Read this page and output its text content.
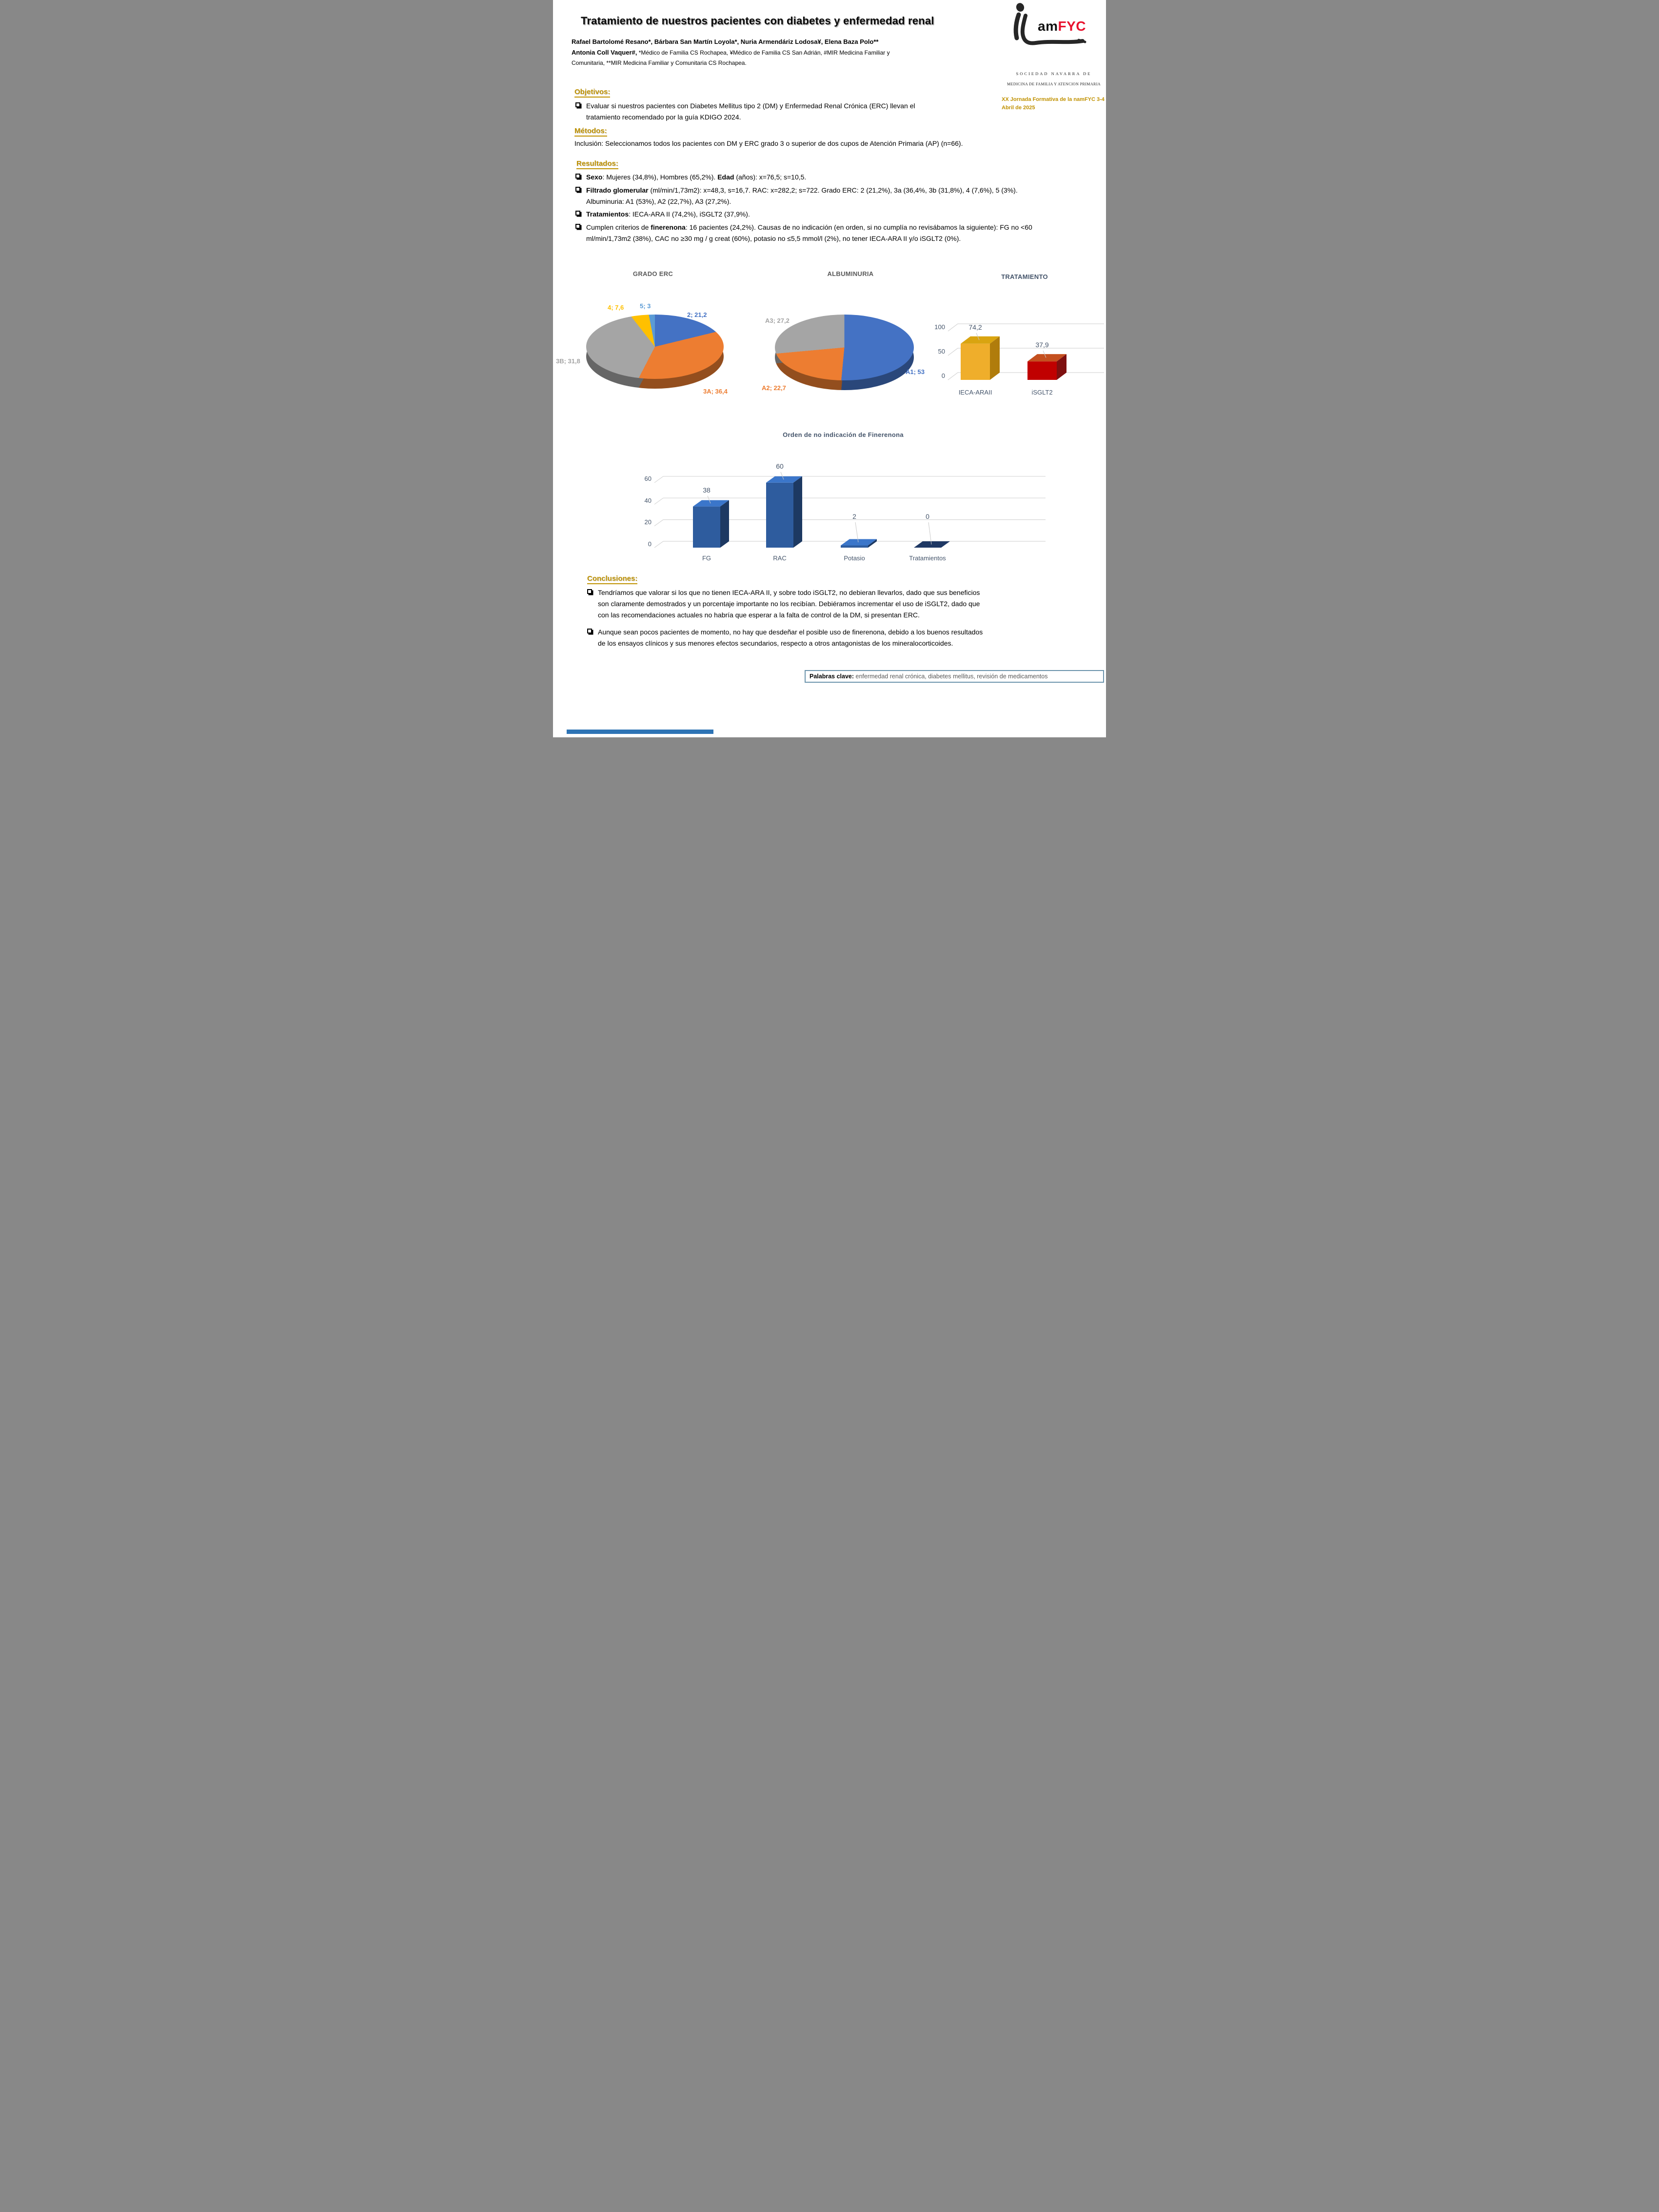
Tratamiento de nuestros pacientes con diabetes y enfermedad renal	amFYC
SOCIEDAD NAVARRA DE
MEDICINA DE FAMILIA Y ATENCION PRIMARIA
XX Jornada Formativa de la namFYC 3-4 Abril de 2025
Rafael Bartolomé Resano*, Bárbara San Martín Loyola*, Nuria Armendáriz Lodosa¥, Elena Baza Polo**
Antonia Coll Vaquer#, *Médico de Familia CS Rochapea, ¥Médico de Familia CS San Adrián, #MIR Medicina Familiar y
Comunitaria, **MIR Medicina Familiar y Comunitaria CS Rochapea.
Objetivos:
Evaluar si nuestros pacientes con Diabetes Mellitus tipo 2 (DM) y Enfermedad Renal Crónica (ERC) llevan el
tratamiento recomendado por la guía KDIGO 2024.
Métodos:
Inclusión: Seleccionamos todos los pacientes con DM y ERC grado 3 o superior de dos cupos de Atención Primaria (AP) (n=66).
Resultados:
Sexo: Mujeres (34,8%), Hombres (65,2%). Edad (años): x=76,5; s=10,5.
Filtrado glomerular (ml/min/1,73m2): x=48,3, s=16,7. RAC: x=282,2; s=722. Grado ERC: 2 (21,2%), 3a (36,4%, 3b (31,8%), 4 (7,6%), 5 (3%).
Albuminuria: A1 (53%), A2 (22,7%), A3 (27,2%).
Tratamientos: IECA-ARA II (74,2%), iSGLT2 (37,9%).
Cumplen criterios de finerenona: 16 pacientes (24,2%). Causas de no indicación (en orden, si no cumplía no revisábamos la siguiente): FG no <60
ml/min/1,73m2 (38%), CAC no ≥30 mg / g creat (60%), potasio no ≤5,5 mmol/l (2%), no tener IECA-ARA II y/o iSGLT2 (0%).
GRADO ERC
2; 21,2
3A; 36,4
3B; 31,8
4; 7,6	5; 3
ALBUMINURIA
A1; 53
A2; 22,7
A3; 27,2
TRATAMIENTO
74,2
IECA-ARAII
37,9
iSGLT2
0
50
100
Orden de no indicación de Finerenona
38
FG
60
RAC
2
Potasio
0
Tratamientos
0
20
40
60
Conclusiones:
Tendríamos que valorar si los que no tienen IECA-ARA II, y sobre todo iSGLT2, no debieran llevarlos, dado que sus beneficios
son claramente demostrados y un porcentaje importante no los recibían. Debiéramos incrementar el uso de iSGLT2, dado que
con las recomendaciones actuales no habría que esperar a la falta de control de la DM, si presentan ERC.
Aunque sean pocos pacientes de momento, no hay que desdeñar el posible uso de finerenona, debido a los buenos resultados
de los ensayos clínicos y sus menores efectos secundarios, respecto a otros antagonistas de los mineralocorticoides.
Palabras clave: enfermedad renal crónica, diabetes mellitus, revisión de medicamentos
